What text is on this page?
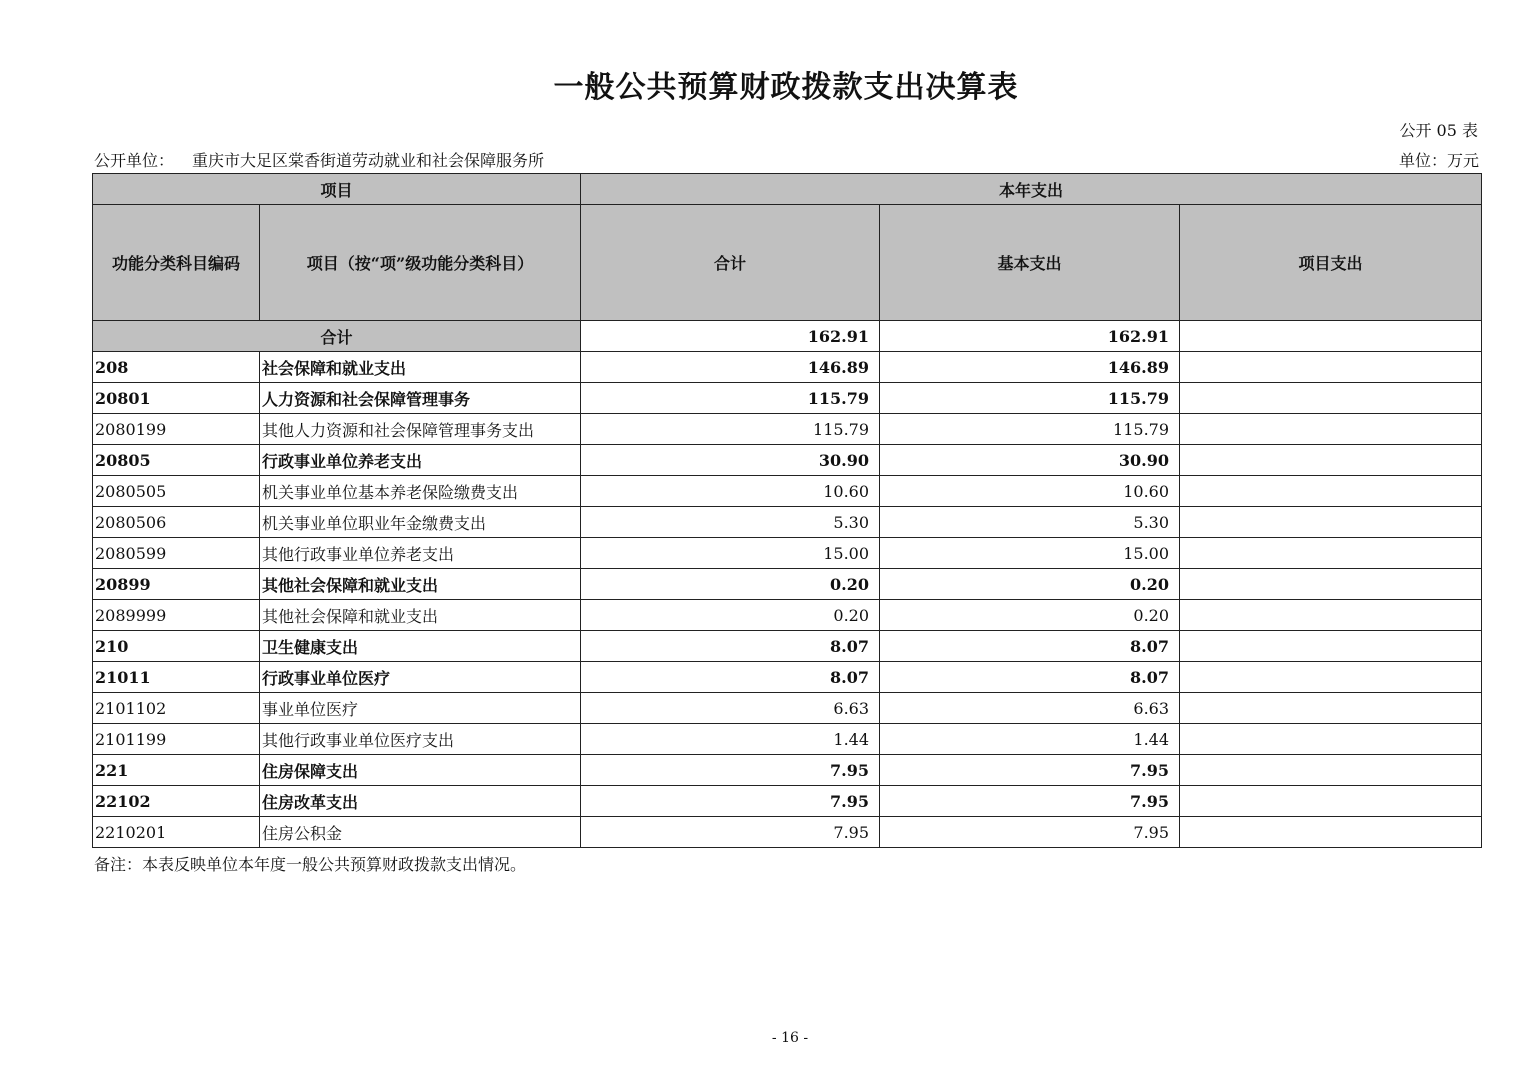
一般公共预算财政拨款支出决算表
公开 05 表
公开单位： 重庆市大足区棠香街道劳动就业和社会保障服务所	单位：万元
项目		本年支出		
功能分类科目编码	项目（按“项”级功能分类科目）	合计	基本支出	项目支出
合计		162.91	162.91	
208	社会保障和就业支出	146.89	146.89	
20801	人力资源和社会保障管理事务	115.79	115.79	
2080199	其他人力资源和社会保障管理事务支出	115.79	115.79	
20805	行政事业单位养老支出	30.90	30.90	
2080505	机关事业单位基本养老保险缴费支出	10.60	10.60	
2080506	机关事业单位职业年金缴费支出	5.30	5.30	
2080599	其他行政事业单位养老支出	15.00	15.00	
20899	其他社会保障和就业支出	0.20	0.20	
2089999	其他社会保障和就业支出	0.20	0.20	
210	卫生健康支出	8.07	8.07	
21011	行政事业单位医疗	8.07	8.07	
2101102	事业单位医疗	6.63	6.63	
2101199	其他行政事业单位医疗支出	1.44	1.44	
221	住房保障支出	7.95	7.95	
22102	住房改革支出	7.95	7.95	
2210201	住房公积金	7.95	7.95	
备注：本表反映单位本年度一般公共预算财政拨款支出情况。
- 16 -
